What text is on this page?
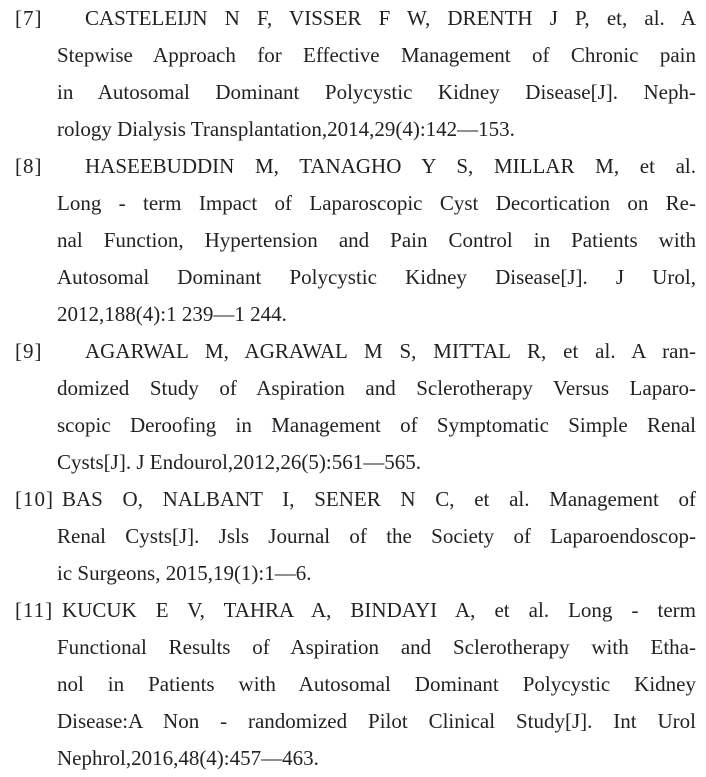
[7]	CASTELEIJN N F, VISSER F W, DRENTH J P, et, al. A
Stepwise Approach for Effective Management of Chronic pain
in Autosomal Dominant Polycystic Kidney Disease[J]. Neph-
rology Dialysis Transplantation,2014,29(4):142—153.
[8]	HASEEBUDDIN M, TANAGHO Y S, MILLAR M, et al.
Long - term Impact of Laparoscopic Cyst Decortication on Re-
nal Function, Hypertension and Pain Control in Patients with
Autosomal Dominant Polycystic Kidney Disease[J]. J Urol,
2012,188(4):1 239—1 244.
[9]	AGARWAL M, AGRAWAL M S, MITTAL R, et al. A ran-
domized Study of Aspiration and Sclerotherapy Versus Laparo-
scopic Deroofing in Management of Symptomatic Simple Renal
Cysts[J]. J Endourol,2012,26(5):561—565.
[10] BAS O, NALBANT I, SENER N C, et al. Management of
Renal Cysts[J]. Jsls Journal of the Society of Laparoendoscop-
ic Surgeons, 2015,19(1):1—6.
[11] KUCUK E V, TAHRA A, BINDAYI A, et al. Long - term
Functional Results of Aspiration and Sclerotherapy with Etha-
nol in Patients with Autosomal Dominant Polycystic Kidney
Disease:A Non - randomized Pilot Clinical Study[J]. Int Urol
Nephrol,2016,48(4):457—463.
